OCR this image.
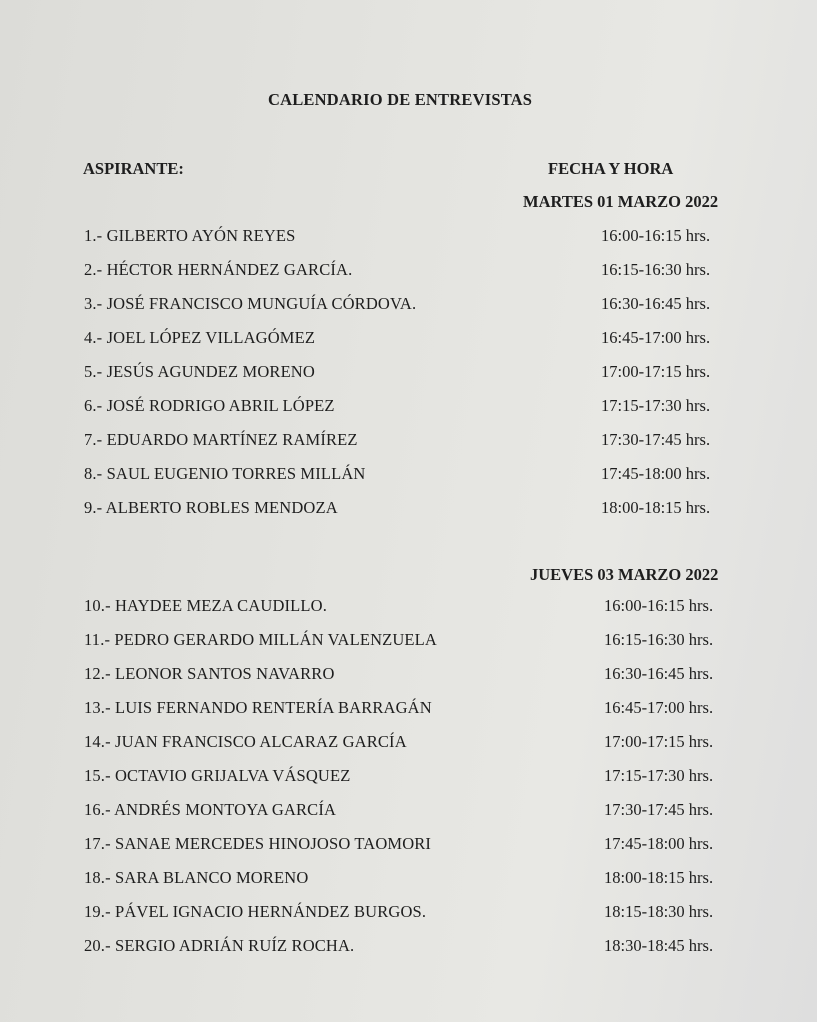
CALENDARIO DE ENTREVISTAS
ASPIRANTE:	FECHA Y HORA
MARTES 01 MARZO 2022
1.- GILBERTO AYÓN REYES	16:00-16:15 hrs.
2.- HÉCTOR HERNÁNDEZ GARCÍA.	16:15-16:30 hrs.
3.- JOSÉ FRANCISCO MUNGUÍA CÓRDOVA.	16:30-16:45 hrs.
4.- JOEL LÓPEZ VILLAGÓMEZ	16:45-17:00 hrs.
5.- JESÚS AGUNDEZ MORENO	17:00-17:15 hrs.
6.- JOSÉ RODRIGO ABRIL LÓPEZ	17:15-17:30 hrs.
7.- EDUARDO MARTÍNEZ RAMÍREZ	17:30-17:45 hrs.
8.- SAUL EUGENIO TORRES MILLÁN	17:45-18:00 hrs.
9.- ALBERTO ROBLES MENDOZA	18:00-18:15 hrs.
JUEVES 03 MARZO 2022
10.- HAYDEE MEZA CAUDILLO.	16:00-16:15 hrs.
11.- PEDRO GERARDO MILLÁN VALENZUELA	16:15-16:30 hrs.
12.- LEONOR SANTOS NAVARRO	16:30-16:45 hrs.
13.- LUIS FERNANDO RENTERÍA BARRAGÁN	16:45-17:00 hrs.
14.- JUAN FRANCISCO ALCARAZ GARCÍA	17:00-17:15 hrs.
15.- OCTAVIO GRIJALVA VÁSQUEZ	17:15-17:30 hrs.
16.- ANDRÉS MONTOYA GARCÍA	17:30-17:45 hrs.
17.- SANAE MERCEDES HINOJOSO TAOMORI	17:45-18:00 hrs.
18.- SARA BLANCO MORENO	18:00-18:15 hrs.
19.- PÁVEL IGNACIO HERNÁNDEZ BURGOS.	18:15-18:30 hrs.
20.- SERGIO ADRIÁN RUÍZ ROCHA.	18:30-18:45 hrs.
